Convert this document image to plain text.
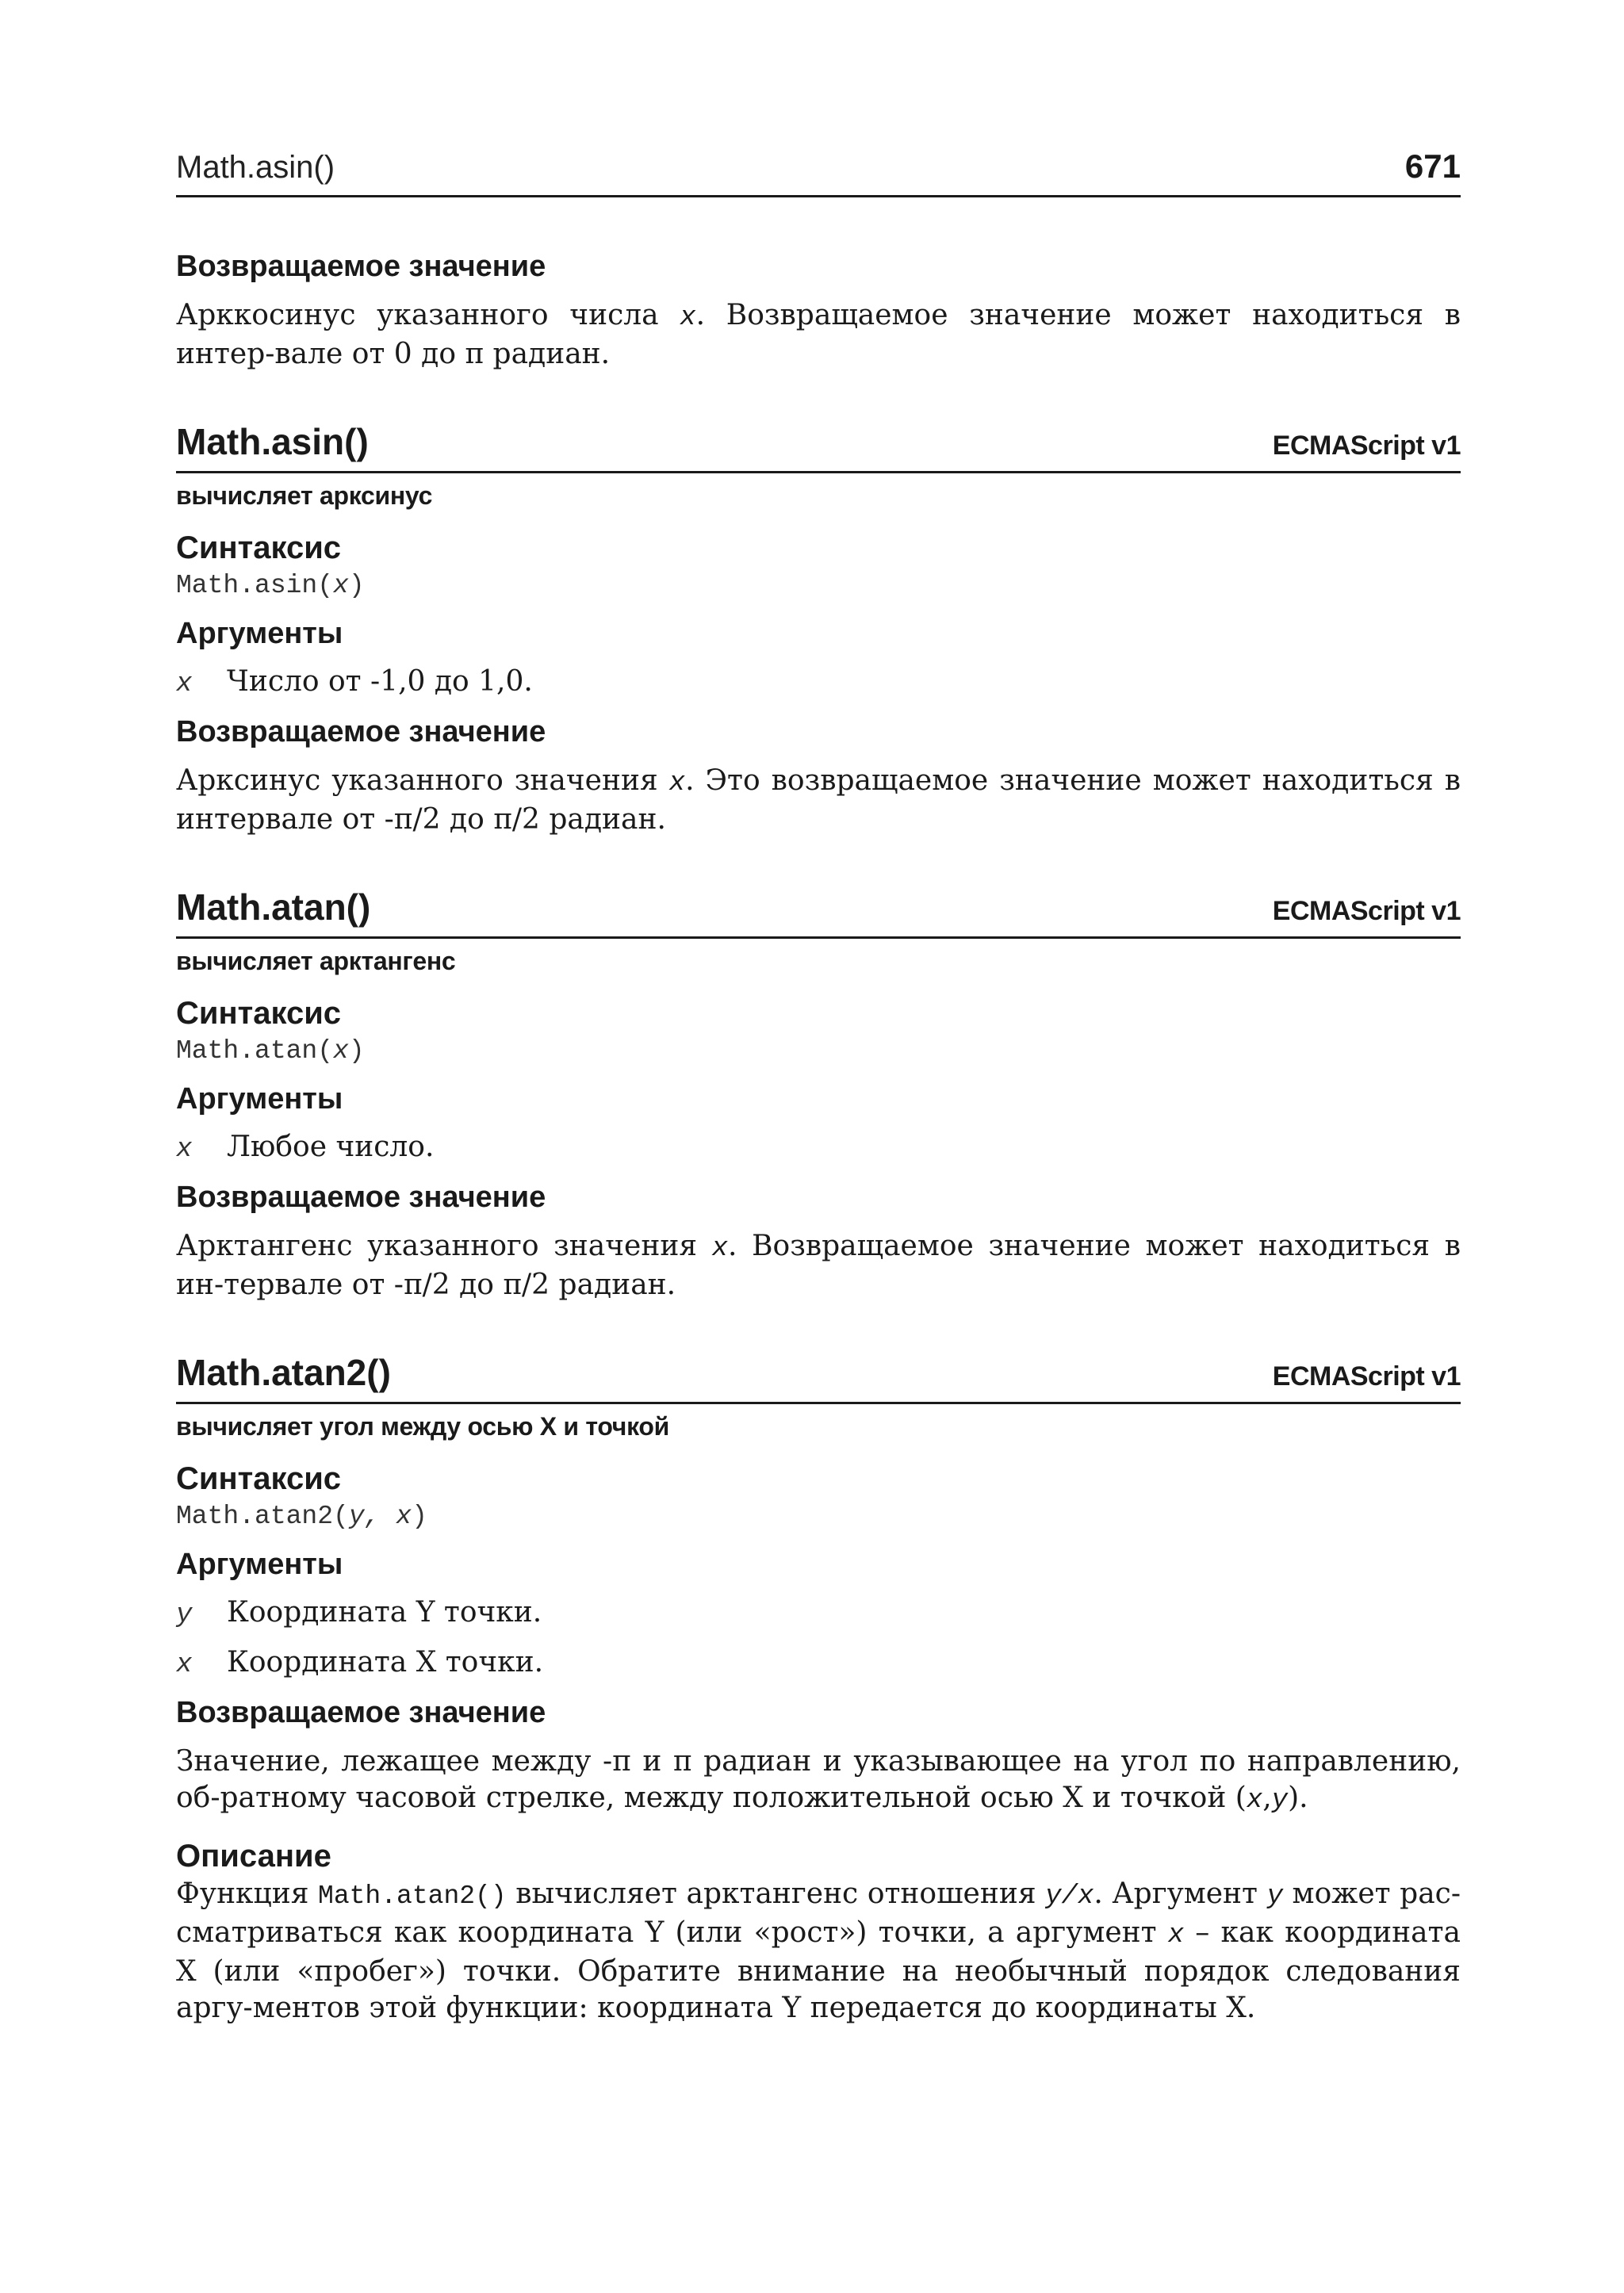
Math.asin()	671

Возвращаемое значение

Арккосинус указанного числа x. Возвращаемое значение может находиться в интер-вале от 0 до π радиан.

Math.asin()	ECMAScript v1

вычисляет арксинус

Синтаксис

Math.asin(x)

Аргументы

x	Число от -1,0 до 1,0.

Возвращаемое значение

Арксинус указанного значения x. Это возвращаемое значение может находиться в интервале от -π/2 до π/2 радиан.

Math.atan()	ECMAScript v1

вычисляет арктангенс

Синтаксис

Math.atan(x)

Аргументы

x	Любое число.

Возвращаемое значение

Арктангенс указанного значения x. Возвращаемое значение может находиться в ин-тервале от -π/2 до π/2 радиан.

Math.atan2()	ECMAScript v1

вычисляет угол между осью X и точкой

Синтаксис

Math.atan2(y, x)

Аргументы

y	Координата Y точки.
x	Координата X точки.

Возвращаемое значение

Значение, лежащее между -π и π радиан и указывающее на угол по направлению, об-ратному часовой стрелке, между положительной осью X и точкой (x,y).

Описание

Функция Math.atan2() вычисляет арктангенс отношения y/x. Аргумент y может рас-сматриваться как координата Y (или «рост») точки, а аргумент x – как координата X (или «пробег») точки. Обратите внимание на необычный порядок следования аргу-ментов этой функции: координата Y передается до координаты X.
